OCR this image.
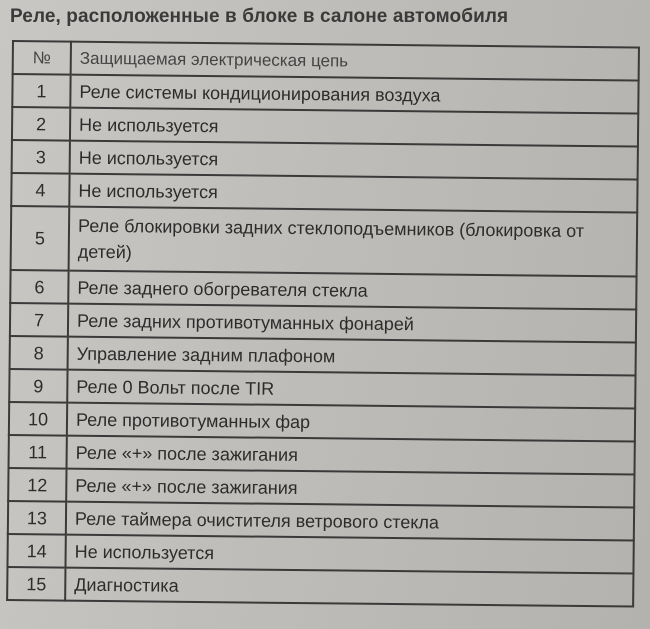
Реле, расположенные в блоке в салоне автомобиля
№	Защищаемая электрическая цепь
1	Реле системы кондиционирования воздуха
2	Не используется
3	Не используется
4	Не используется
5	Реле блокировки задних стеклоподъемников (блокировка от детей)
6	Реле заднего обогревателя стекла
7	Реле задних противотуманных фонарей
8	Управление задним плафоном
9	Реле 0 Вольт после TIR
10	Реле противотуманных фар
11	Реле «+» после зажигания
12	Реле «+» после зажигания
13	Реле таймера очистителя ветрового стекла
14	Не используется
15	Диагностика
